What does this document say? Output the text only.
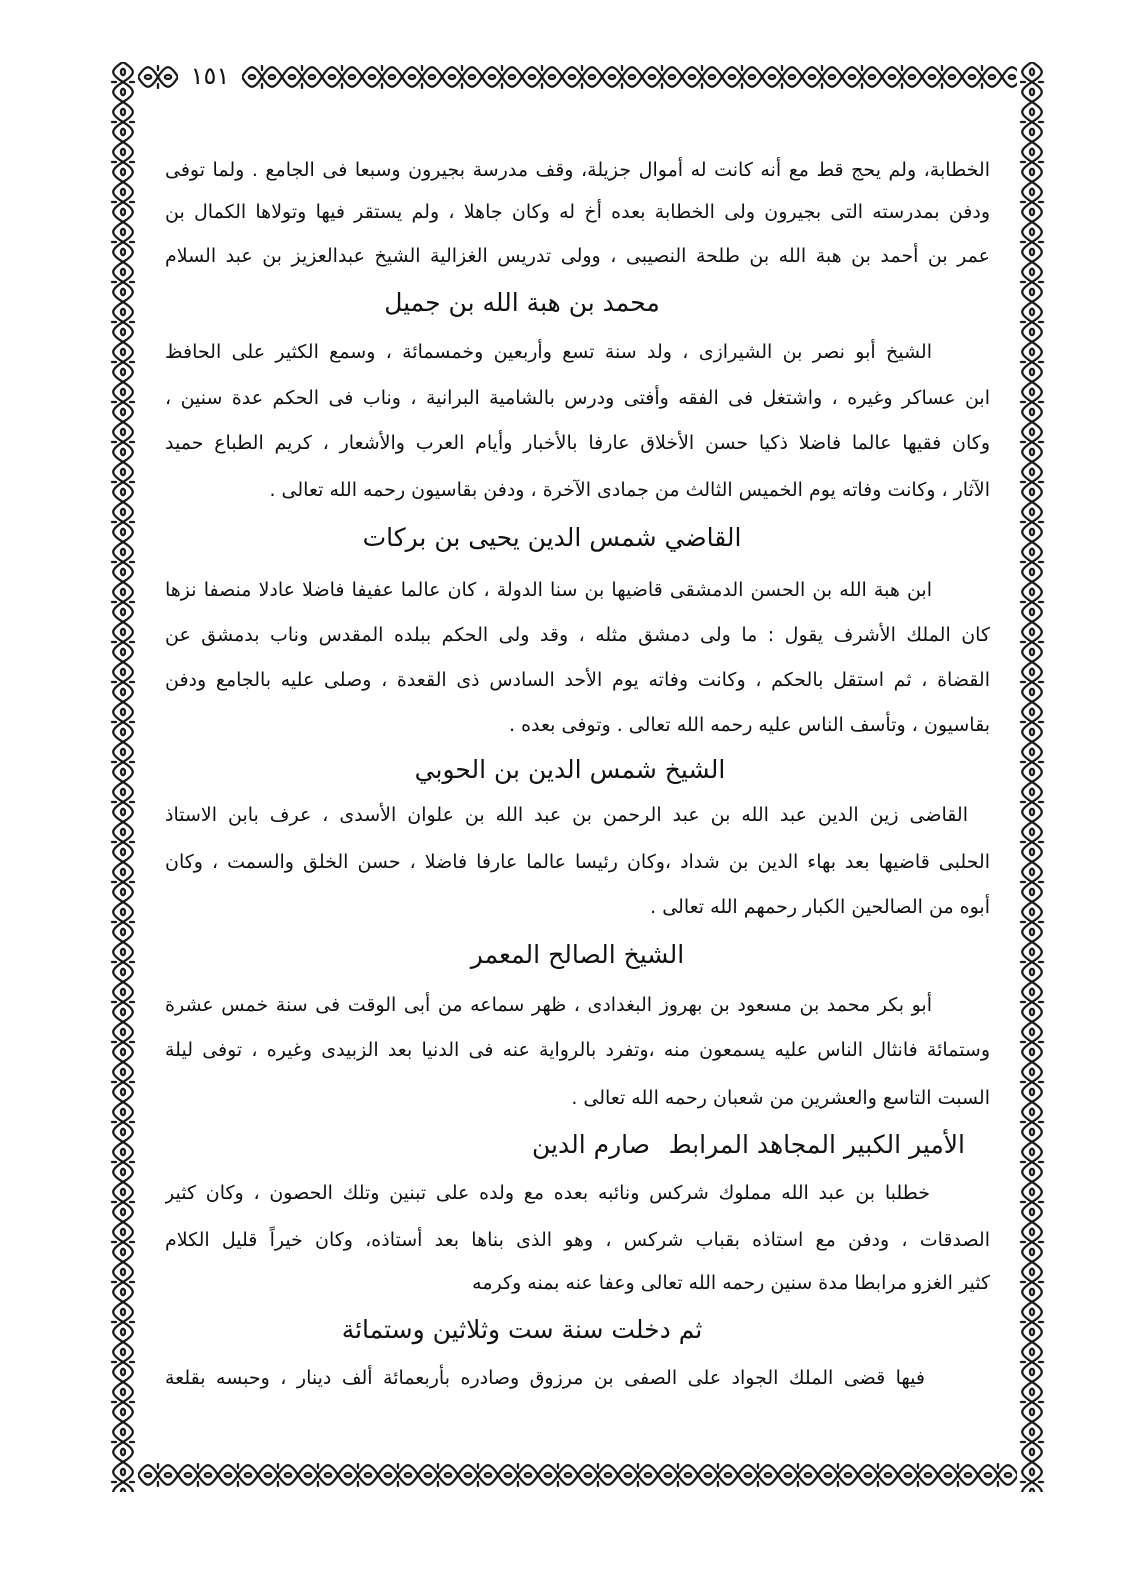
١٥١
الخطابة، ولم يحج قط مع أنه كانت له أموال جزيلة، وقف مدرسة بجيرون وسبعا فى الجامع . ولما توفى
ودفن بمدرسته التى بجيرون ولى الخطابة بعده أخ له وكان جاهلا ، ولم يستقر فيها وتولاها الكمال بن
عمر بن أحمد بن هبة الله بن طلحة النصيبى ، وولى تدريس الغزالية الشيخ عبدالعزيز بن عبد السلام
محمد بن هبة الله بن جميل
الشيخ أبو نصر بن الشيرازى ، ولد سنة تسع وأربعين وخمسمائة ، وسمع الكثير على الحافظ
ابن عساكر وغيره ، واشتغل فى الفقه وأفتى ودرس بالشامية البرانية ، وناب فى الحكم عدة سنين ،
وكان فقيها عالما فاضلا ذكيا حسن الأخلاق عارفا بالأخبار وأيام العرب والأشعار ، كريم الطباع حميد
الآثار ، وكانت وفاته يوم الخميس الثالث من جمادى الآخرة ، ودفن بقاسيون رحمه الله تعالى .
القاضي شمس الدين يحيى بن بركات
ابن هبة الله بن الحسن الدمشقى قاضيها بن سنا الدولة ، كان عالما عفيفا فاضلا عادلا منصفا نزها
كان الملك الأشرف يقول : ما ولى دمشق مثله ، وقد ولى الحكم ببلده المقدس وناب بدمشق عن
القضاة ، ثم استقل بالحكم ، وكانت وفاته يوم الأحد السادس ذى القعدة ، وصلى عليه بالجامع ودفن
بقاسيون ، وتأسف الناس عليه رحمه الله تعالى . وتوفى بعده .
الشيخ شمس الدين بن الحوبي
القاضى زين الدين عبد الله بن عبد الرحمن بن عبد الله بن علوان الأسدى ، عرف بابن الاستاذ
الحلبى قاضيها بعد بهاء الدين بن شداد ،وكان رئيسا عالما عارفا فاضلا ، حسن الخلق والسمت ، وكان
أبوه من الصالحين الكبار رحمهم الله تعالى .
الشيخ الصالح المعمر
أبو بكر محمد بن مسعود بن بهروز البغدادى ، ظهر سماعه من أبى الوقت فى سنة خمس عشرة
وستمائة فانثال الناس عليه يسمعون منه ،وتفرد بالرواية عنه فى الدنيا بعد الزبيدى وغيره ، توفى ليلة
السبت التاسع والعشرين من شعبان رحمه الله تعالى .
الأمير الكبير المجاهد المرابط
صارم الدين
خطلبا بن عبد الله مملوك شركس ونائبه بعده مع ولده على تبنين وتلك الحصون ، وكان كثير
الصدقات ، ودفن مع استاذه بقباب شركس ، وهو الذى بناها بعد أستاذه، وكان خيراً قليل الكلام
كثير الغزو مرابطا مدة سنين رحمه الله تعالى وعفا عنه بمنه وكرمه
ثم دخلت سنة ست وثلاثين وستمائة
فيها قضى الملك الجواد على الصفى بن مرزوق وصادره بأربعمائة ألف دينار ، وحبسه بقلعة
